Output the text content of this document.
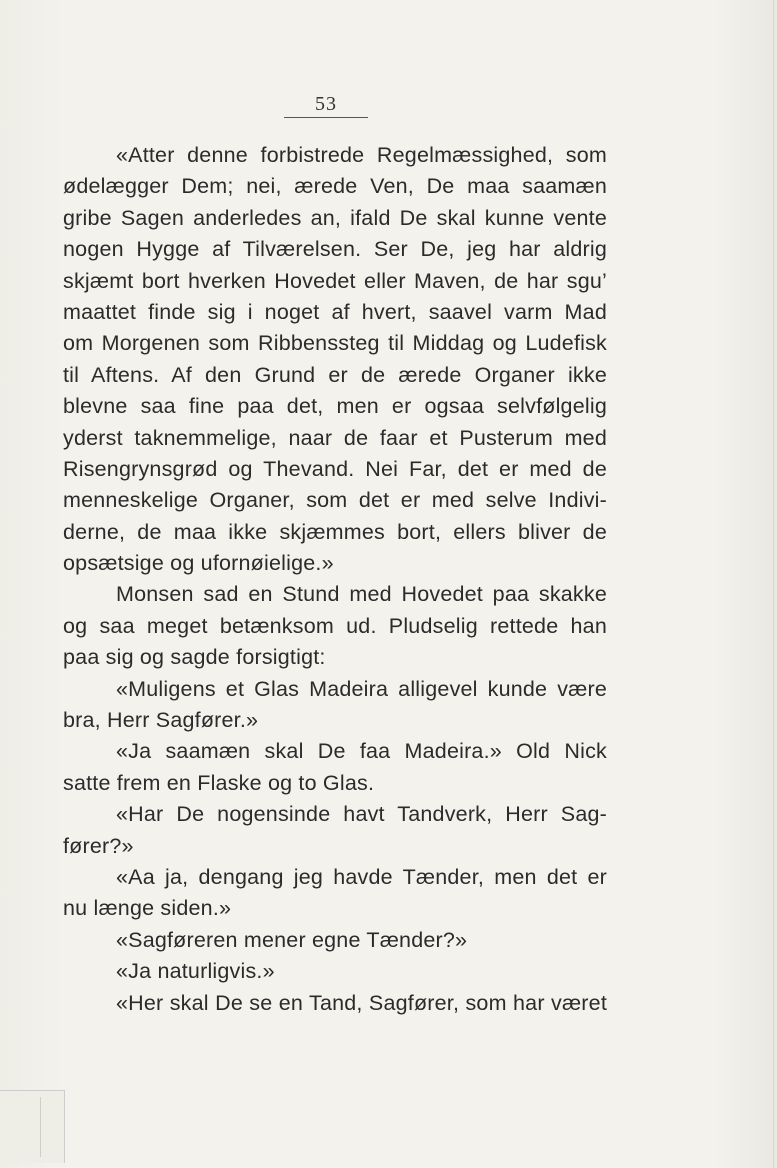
53
«Atter denne forbistrede Regelmæssighed, som
ødelægger Dem; nei, ærede Ven, De maa saamæn
gribe Sagen anderledes an, ifald De skal kunne vente
nogen Hygge af Tilværelsen. Ser De, jeg har aldrig
skjæmt bort hverken Hovedet eller Maven, de har sgu’
maattet finde sig i noget af hvert, saavel varm Mad
om Morgenen som Ribbenssteg til Middag og Ludefisk
til Aftens. Af den Grund er de ærede Organer ikke
blevne saa fine paa det, men er ogsaa selvfølgelig
yderst taknemmelige, naar de faar et Pusterum med
Risengrynsgrød og Thevand. Nei Far, det er med de
menneskelige Organer, som det er med selve Indivi-
derne, de maa ikke skjæmmes bort, ellers bliver de
opsætsige og ufornøielige.»
Monsen sad en Stund med Hovedet paa skakke
og saa meget betænksom ud. Pludselig rettede han
paa sig og sagde forsigtigt:
«Muligens et Glas Madeira alligevel kunde være
bra, Herr Sagfører.»
«Ja saamæn skal De faa Madeira.» Old Nick
satte frem en Flaske og to Glas.
«Har De nogensinde havt Tandverk, Herr Sag-
fører?»
«Aa ja, dengang jeg havde Tænder, men det er
nu længe siden.»
«Sagføreren mener egne Tænder?»
«Ja naturligvis.»
«Her skal De se en Tand, Sagfører, som har været
